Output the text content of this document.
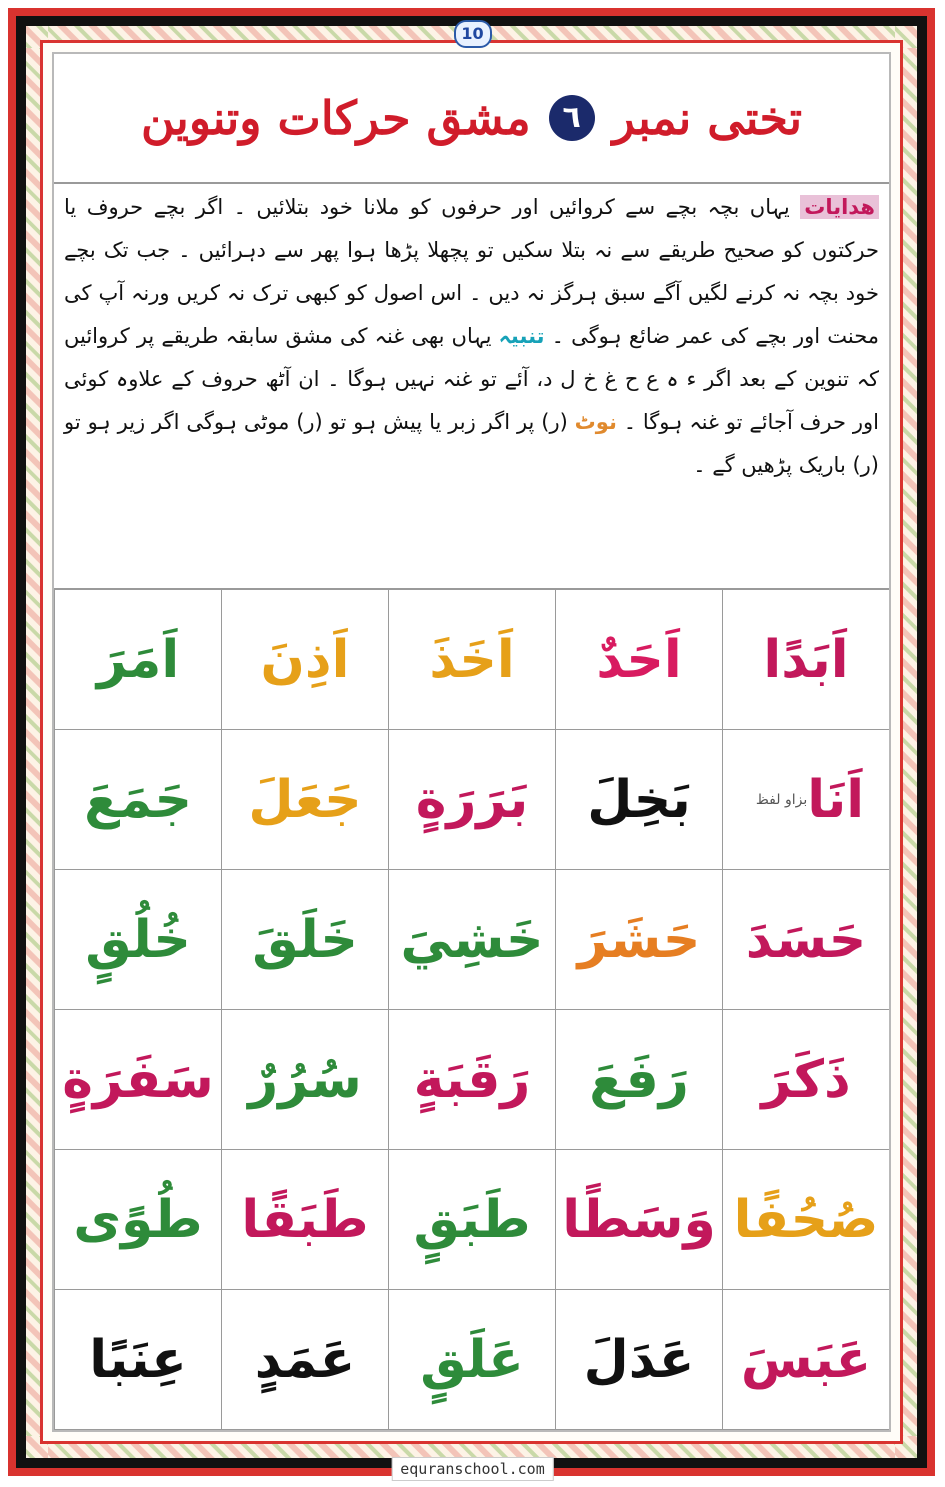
10
تختی نمبر
٦
مشق حرکات وتنوین
ھدایات یہاں بچہ بچے سے کروائیں اور حرفوں کو ملانا خود بتلائیں ۔ اگر بچے حروف یا حرکتوں کو صحیح طریقے سے نہ بتلا سکیں تو پچھلا پڑھا ہوا پھر سے دہرائیں ۔ جب تک بچے خود بچہ نہ کرنے لگیں آگے سبق ہرگز نہ دیں ۔ اس اصول کو کبھی ترک نہ کریں ورنہ آپ کی محنت اور بچے کی عمر ضائع ہوگی ۔ تنبیہ یہاں بھی غنہ کی مشق سابقہ طریقے پر کروائیں کہ تنوین کے بعد اگر ء ہ ع ح غ خ ل د، آئے تو غنہ نہیں ہوگا ۔ ان آٹھ حروف کے علاوہ کوئی اور حرف آجائے تو غنہ ہوگا ۔ نوٹ (ر) پر اگر زبر یا پیش ہو تو (ر) موٹی ہوگی اگر زیر ہو تو (ر) باریک پڑھیں گے ۔
اَبَدًا
اَحَدٌ
اَخَذَ
اَذِنَ
اَمَرَ
اَنَا
بزاو لفظ
بَخِلَ
بَرَرَةٍ
جَعَلَ
جَمَعَ
حَسَدَ
حَشَرَ
خَشِيَ
خَلَقَ
خُلُقٍ
ذَكَرَ
رَفَعَ
رَقَبَةٍ
سُرُرٌ
سَفَرَةٍ
صُحُفًا
وَسَطًا
طَبَقٍ
طَبَقًا
طُوًى
عَبَسَ
عَدَلَ
عَلَقٍ
عَمَدٍ
عِنَبًا
equranschool.com
